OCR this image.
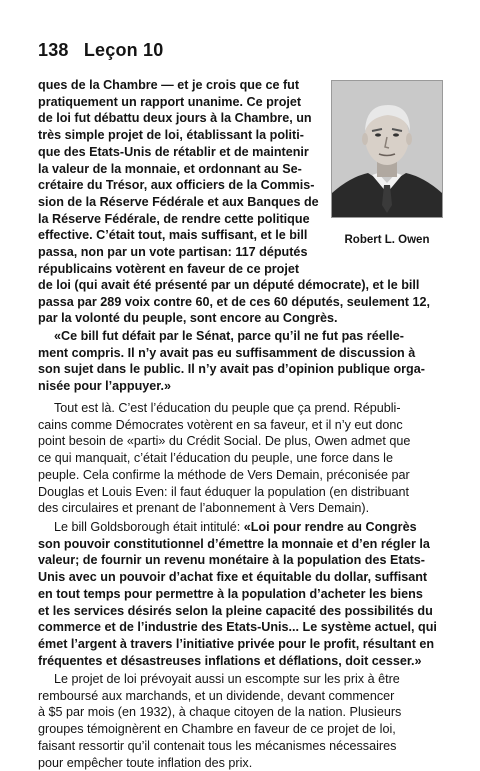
138 Leçon 10
ques de la Chambre — et je crois que ce fut
pratiquement un rapport unanime. Ce projet
de loi fut débattu deux jours à la Chambre, un
très simple projet de loi, établissant la politi-
que des Etats-Unis de rétablir et de maintenir
la valeur de la monnaie, et ordonnant au Se-
crétaire du Trésor, aux officiers de la Commis-
sion de la Réserve Fédérale et aux Banques de
la Réserve Fédérale, de rendre cette politique
effective. C’était tout, mais suffisant, et le bill
passa, non par un vote partisan: 117 députés
républicains votèrent en faveur de ce projet
Robert L. Owen
de loi (qui avait été présenté par un député démocrate), et le bill
passa par 289 voix contre 60, et de ces 60 députés, seulement 12,
par la volonté du peuple, sont encore au Congrès.
«Ce bill fut défait par le Sénat, parce qu’il ne fut pas réelle-
ment compris. Il n’y avait pas eu suffisamment de discussion à
son sujet dans le public. Il n’y avait pas d’opinion publique orga-
nisée pour l’appuyer.»
Tout est là. C’est l’éducation du peuple que ça prend. Républi-
cains comme Démocrates votèrent en sa faveur, et il n’y eut donc
point besoin de «parti» du Crédit Social. De plus, Owen admet que
ce qui manquait, c’était l’éducation du peuple, une force dans le
peuple. Cela confirme la méthode de Vers Demain, préconisée par
Douglas et Louis Even: il faut éduquer la population (en distribuant
des circulaires et prenant de l’abonnement à Vers Demain).
Le bill Goldsborough était intitulé: «Loi pour rendre au Congrès
son pouvoir constitutionnel d’émettre la monnaie et d’en régler la
valeur; de fournir un revenu monétaire à la population des Etats-
Unis avec un pouvoir d’achat fixe et équitable du dollar, suffisant
en tout temps pour permettre à la population d’acheter les biens
et les services désirés selon la pleine capacité des possibilités du
commerce et de l’industrie des Etats-Unis... Le système actuel, qui
émet l’argent à travers l’initiative privée pour le profit, résultant en
fréquentes et désastreuses inflations et déflations, doit cesser.»
Le projet de loi prévoyait aussi un escompte sur les prix à être
remboursé aux marchands, et un dividende, devant commencer
à $5 par mois (en 1932), à chaque citoyen de la nation. Plusieurs
groupes témoignèrent en Chambre en faveur de ce projet de loi,
faisant ressortir qu’il contenait tous les mécanismes nécessaires
pour empêcher toute inflation des prix.
